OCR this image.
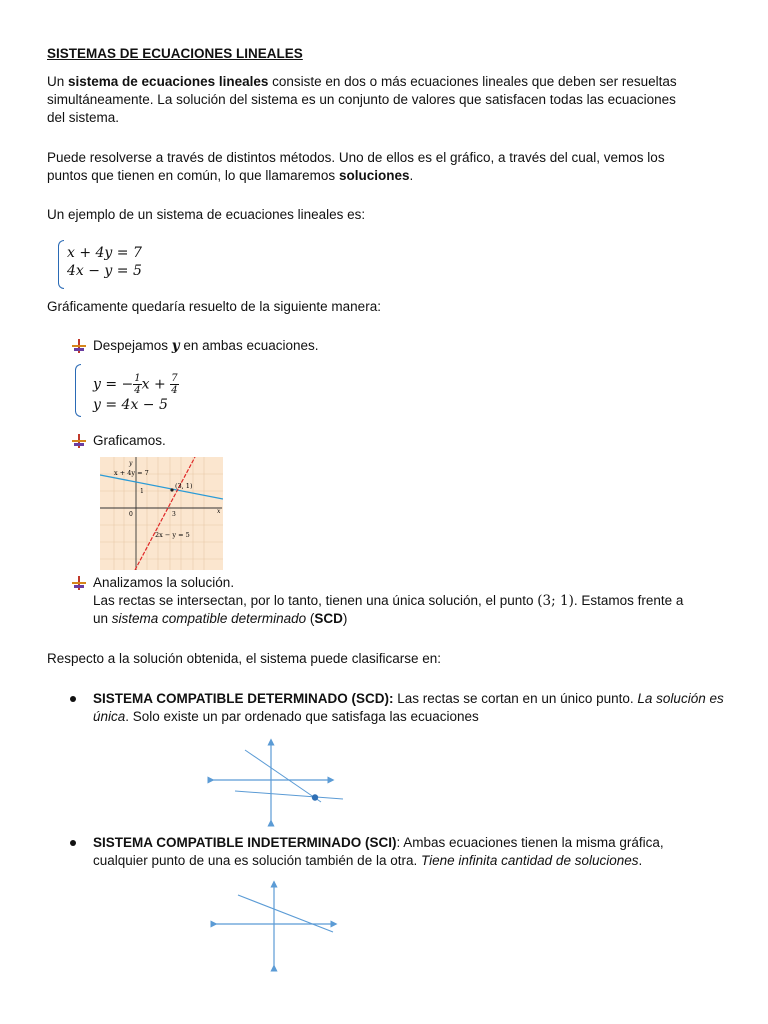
SISTEMAS DE ECUACIONES LINEALES
Un sistema de ecuaciones lineales consiste en dos o más ecuaciones lineales que deben ser resueltas
simultáneamente. La solución del sistema es un conjunto de valores que satisfacen todas las ecuaciones
del sistema.
Puede resolverse a través de distintos métodos. Uno de ellos es el gráfico, a través del cual, vemos los
puntos que tienen en común, lo que llamaremos soluciones.
Un ejemplo de un sistema de ecuaciones lineales es:
x + 4y = 7
4x − y = 5
Gráficamente quedaría resuelto de la siguiente manera:
Despejamos y en ambas ecuaciones.
y = − $\frac{1}{4}$ $x + \frac{7}{4}$
y = 4x − 5
Graficamos.
x + 4y = 7
(3, 1)
2x − y = 5
y
x
0
1
3
Analizamos la solución.
Las rectas se intersectan, por lo tanto, tienen una única solución, el punto (3; 1). Estamos frente a
un sistema compatible determinado (SCD)
Respecto a la solución obtenida, el sistema puede clasificarse en:
SISTEMA COMPATIBLE DETERMINADO (SCD): Las rectas se cortan en un único punto. La solución es
única. Solo existe un par ordenado que satisfaga las ecuaciones
SISTEMA COMPATIBLE INDETERMINADO (SCI): Ambas ecuaciones tienen la misma gráfica,
cualquier punto de una es solución también de la otra. Tiene infinita cantidad de soluciones.
